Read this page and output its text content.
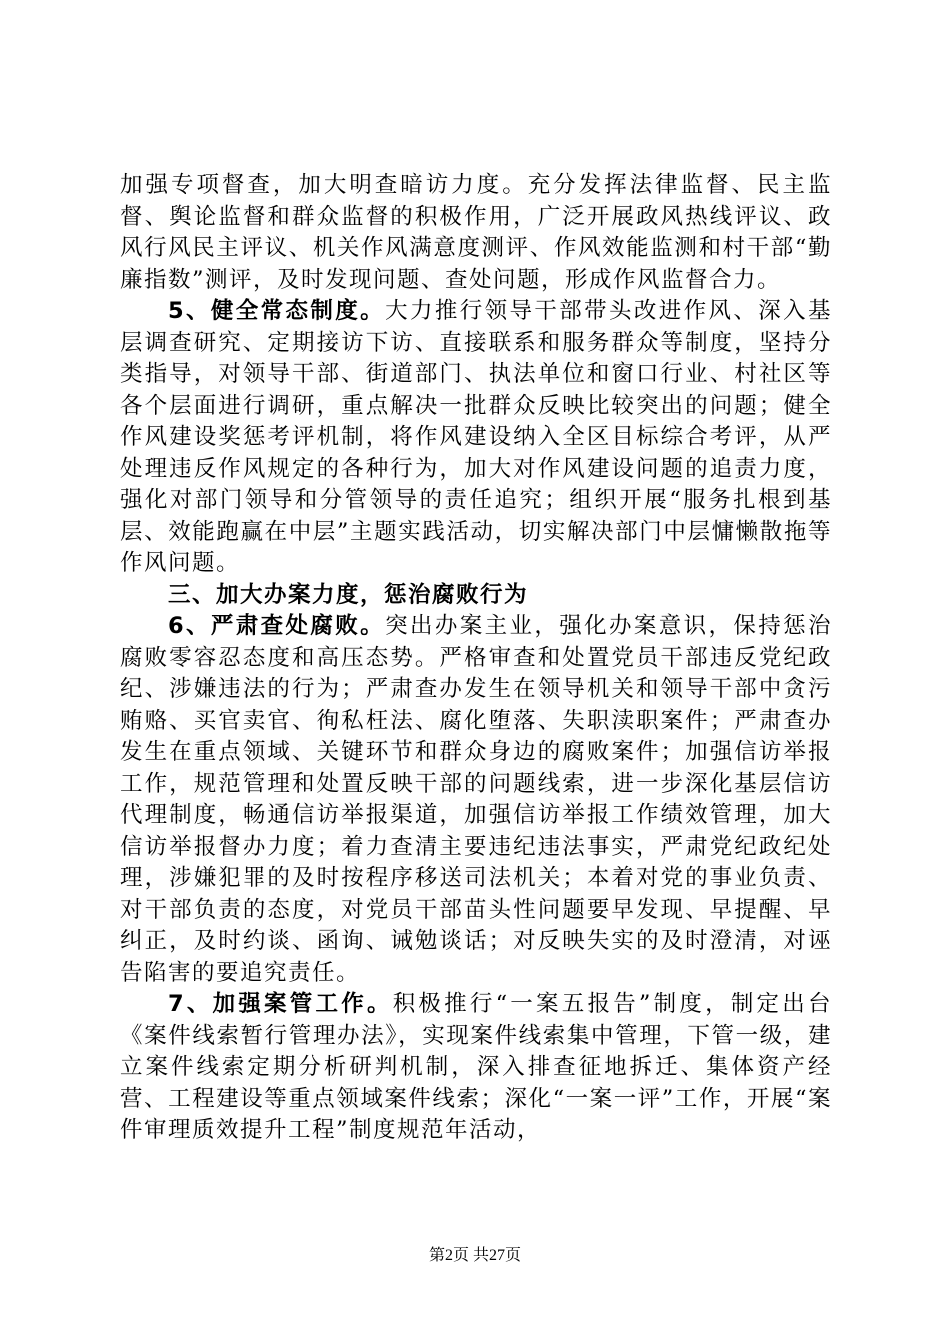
加强专项督查，加大明查暗访力度。充分发挥法律监督、民主监督、舆论监督和群众监督的积极作用，广泛开展政风热线评议、政风行风民主评议、机关作风满意度测评、作风效能监测和村干部“勤廉指数”测评，及时发现问题、查处问题，形成作风监督合力。

5、健全常态制度。大力推行领导干部带头改进作风、深入基层调查研究、定期接访下访、直接联系和服务群众等制度，坚持分类指导，对领导干部、街道部门、执法单位和窗口行业、村社区等各个层面进行调研，重点解决一批群众反映比较突出的问题；健全作风建设奖惩考评机制，将作风建设纳入全区目标综合考评，从严处理违反作风规定的各种行为，加大对作风建设问题的追责力度，强化对部门领导和分管领导的责任追究；组织开展“服务扎根到基层、效能跑赢在中层”主题实践活动，切实解决部门中层慵懒散拖等作风问题。

三、加大办案力度，惩治腐败行为

6、严肃查处腐败。突出办案主业，强化办案意识，保持惩治腐败零容忍态度和高压态势。严格审查和处置党员干部违反党纪政纪、涉嫌违法的行为；严肃查办发生在领导机关和领导干部中贪污贿赂、买官卖官、徇私枉法、腐化堕落、失职渎职案件；严肃查办发生在重点领域、关键环节和群众身边的腐败案件；加强信访举报工作，规范管理和处置反映干部的问题线索，进一步深化基层信访代理制度，畅通信访举报渠道，加强信访举报工作绩效管理，加大信访举报督办力度；着力查清主要违纪违法事实，严肃党纪政纪处理，涉嫌犯罪的及时按程序移送司法机关；本着对党的事业负责、对干部负责的态度，对党员干部苗头性问题要早发现、早提醒、早纠正，及时约谈、函询、诫勉谈话；对反映失实的及时澄清，对诬告陷害的要追究责任。

7、加强案管工作。积极推行“一案五报告”制度，制定出台《案件线索暂行管理办法》，实现案件线索集中管理，下管一级，建立案件线索定期分析研判机制，深入排查征地拆迁、集体资产经营、工程建设等重点领域案件线索；深化“一案一评”工作，开展“案件审理质效提升工程”制度规范年活动，

第2页 共27页
